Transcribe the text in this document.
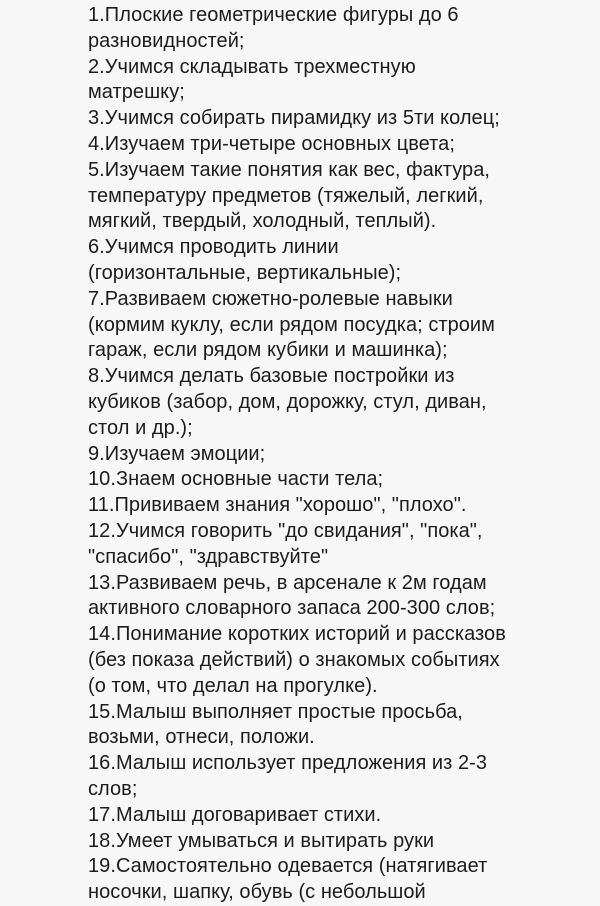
1.Плоские геометрические фигуры до 6
разновидностей;
2.Учимся складывать трехместную
матрешку;
3.Учимся собирать пирамидку из 5ти колец;
4.Изучаем три-четыре основных цвета;
5.Изучаем такие понятия как вес, фактура,
температуру предметов (тяжелый, легкий,
мягкий, твердый, холодный, теплый).
6.Учимся проводить линии
(горизонтальные, вертикальные);
7.Развиваем сюжетно-ролевые навыки
(кормим куклу, если рядом посудка; строим
гараж, если рядом кубики и машинка);
8.Учимся делать базовые постройки из
кубиков (забор, дом, дорожку, стул, диван,
стол и др.);
9.Изучаем эмоции;
10.Знаем основные части тела;
11.Прививаем знания "хорошо", "плохо".
12.Учимся говорить "до свидания", "пока",
"спасибо", "здравствуйте"
13.Развиваем речь, в арсенале к 2м годам
активного словарного запаса 200-300 слов;
14.Понимание коротких историй и рассказов
(без показа действий) о знакомых событиях
(о том, что делал на прогулке).
15.Малыш выполняет простые просьба,
возьми, отнеси, положи.
16.Малыш использует предложения из 2-3
слов;
17.Малыш договаривает стихи.
18.Умеет умываться и вытирать руки
19.Самостоятельно одевается (натягивает
носочки, шапку, обувь (с небольшой
